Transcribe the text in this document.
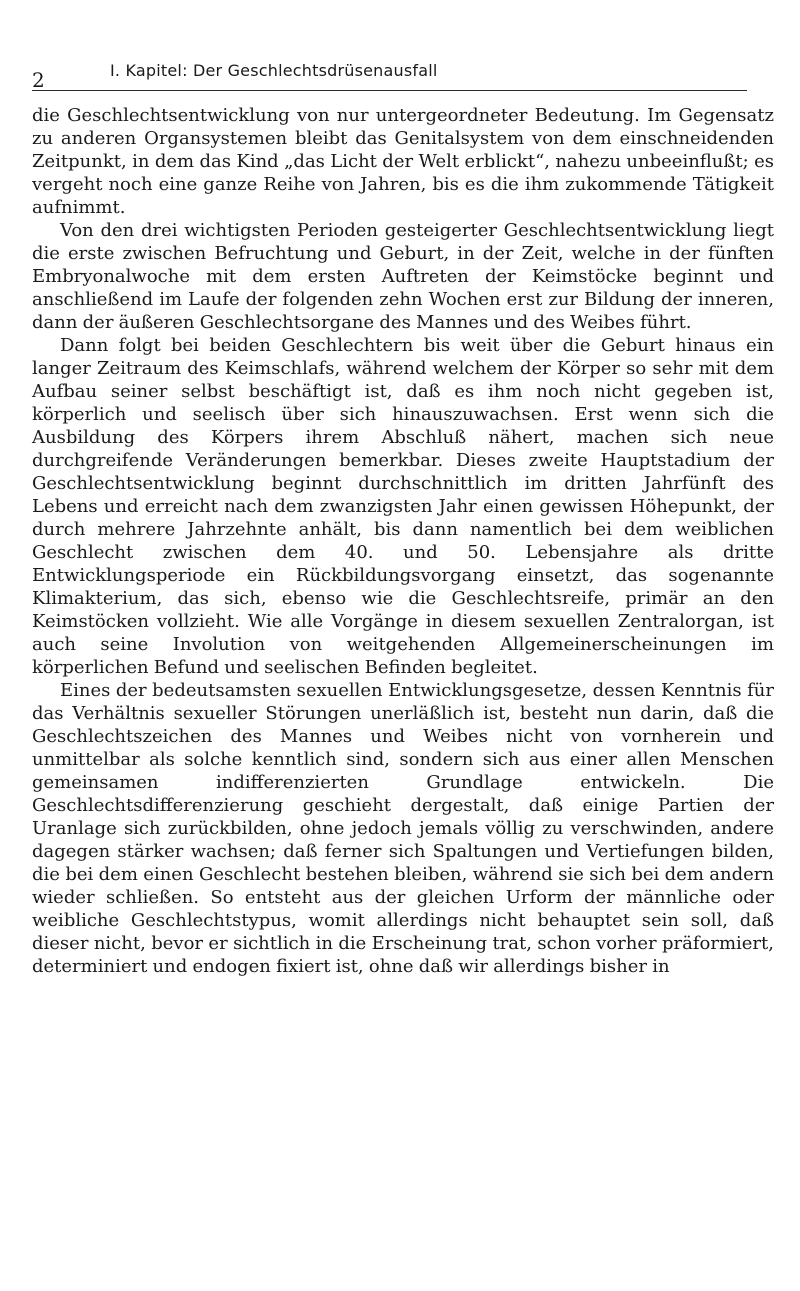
2	I. Kapitel: Der Geschlechtsdrüsenausfall

die Geschlechtsentwicklung von nur untergeordneter Bedeutung. Im Gegensatz zu anderen Organsystemen bleibt das Genitalsystem von dem einschneidenden Zeitpunkt, in dem das Kind „das Licht der Welt erblickt“, nahezu unbeeinflußt; es vergeht noch eine ganze Reihe von Jahren, bis es die ihm zukommende Tätigkeit aufnimmt.

Von den drei wichtigsten Perioden gesteigerter Geschlechtsentwicklung liegt die erste zwischen Befruchtung und Geburt, in der Zeit, welche in der fünften Embryonalwoche mit dem ersten Auftreten der Keimstöcke beginnt und anschließend im Laufe der folgenden zehn Wochen erst zur Bildung der inneren, dann der äußeren Geschlechtsorgane des Mannes und des Weibes führt.

Dann folgt bei beiden Geschlechtern bis weit über die Geburt hinaus ein langer Zeitraum des Keimschlafs, während welchem der Körper so sehr mit dem Aufbau seiner selbst beschäftigt ist, daß es ihm noch nicht gegeben ist, körperlich und seelisch über sich hinauszuwachsen. Erst wenn sich die Ausbildung des Körpers ihrem Abschluß nähert, machen sich neue durchgreifende Veränderungen bemerkbar. Dieses zweite Hauptstadium der Geschlechtsentwicklung beginnt durchschnittlich im dritten Jahrfünft des Lebens und erreicht nach dem zwanzigsten Jahr einen gewissen Höhepunkt, der durch mehrere Jahrzehnte anhält, bis dann namentlich bei dem weiblichen Geschlecht zwischen dem 40. und 50. Lebensjahre als dritte Entwicklungsperiode ein Rückbildungsvorgang einsetzt, das sogenannte Klimakterium, das sich, ebenso wie die Geschlechtsreife, primär an den Keimstöcken vollzieht. Wie alle Vorgänge in diesem sexuellen Zentralorgan, ist auch seine Involution von weitgehenden Allgemeinerscheinungen im körperlichen Befund und seelischen Befinden begleitet.

Eines der bedeutsamsten sexuellen Entwicklungsgesetze, dessen Kenntnis für das Verhältnis sexueller Störungen unerläßlich ist, besteht nun darin, daß die Geschlechtszeichen des Mannes und Weibes nicht von vornherein und unmittelbar als solche kenntlich sind, sondern sich aus einer allen Menschen gemeinsamen indifferenzierten Grundlage entwickeln. Die Geschlechtsdifferenzierung geschieht dergestalt, daß einige Partien der Uranlage sich zurückbilden, ohne jedoch jemals völlig zu verschwinden, andere dagegen stärker wachsen; daß ferner sich Spaltungen und Vertiefungen bilden, die bei dem einen Geschlecht bestehen bleiben, während sie sich bei dem andern wieder schließen. So entsteht aus der gleichen Urform der männliche oder weibliche Geschlechtstypus, womit allerdings nicht behauptet sein soll, daß dieser nicht, bevor er sichtlich in die Erscheinung trat, schon vorher präformiert, determiniert und endogen fixiert ist, ohne daß wir allerdings bisher in
